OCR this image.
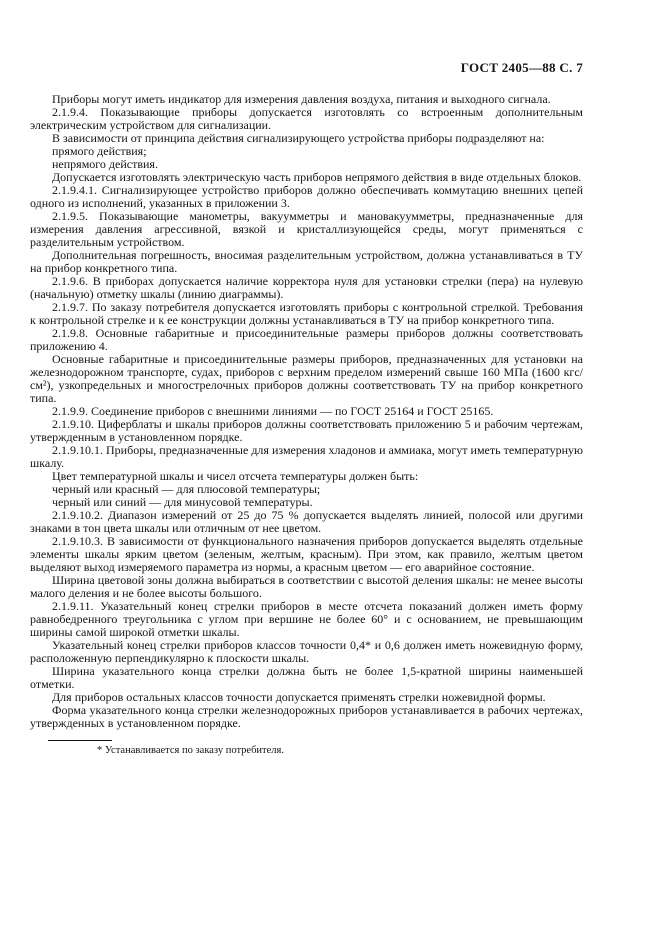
ГОСТ 2405—88 С. 7

Приборы могут иметь индикатор для измерения давления воздуха, питания и выходного сигнала.

2.1.9.4. Показывающие приборы допускается изготовлять со встроенным дополнительным электрическим устройством для сигнализации.

В зависимости от принципа действия сигнализирующего устройства приборы подразделяют на:

прямого действия;

непрямого действия.

Допускается изготовлять электрическую часть приборов непрямого действия в виде отдельных блоков.

2.1.9.4.1. Сигнализирующее устройство приборов должно обеспечивать коммутацию внешних цепей одного из исполнений, указанных в приложении 3.

2.1.9.5. Показывающие манометры, вакуумметры и мановакуумметры, предназначенные для измерения давления агрессивной, вязкой и кристаллизующейся среды, могут применяться с разделительным устройством.

Дополнительная погрешность, вносимая разделительным устройством, должна устанавливаться в ТУ на прибор конкретного типа.

2.1.9.6. В приборах допускается наличие корректора нуля для установки стрелки (пера) на нулевую (начальную) отметку шкалы (линию диаграммы).

2.1.9.7. По заказу потребителя допускается изготовлять приборы с контрольной стрелкой. Требования к контрольной стрелке и к ее конструкции должны устанавливаться в ТУ на прибор конкретного типа.

2.1.9.8. Основные габаритные и присоединительные размеры приборов должны соответствовать приложению 4.

Основные габаритные и присоединительные размеры приборов, предназначенных для установки на железнодорожном транспорте, судах, приборов с верхним пределом измерений свыше 160 МПа (1600 кгс/см²), узкопредельных и многострелочных приборов должны соответствовать ТУ на прибор конкретного типа.

2.1.9.9. Соединение приборов с внешними линиями — по ГОСТ 25164 и ГОСТ 25165.

2.1.9.10. Циферблаты и шкалы приборов должны соответствовать приложению 5 и рабочим чертежам, утвержденным в установленном порядке.

2.1.9.10.1. Приборы, предназначенные для измерения хладонов и аммиака, могут иметь температурную шкалу.

Цвет температурной шкалы и чисел отсчета температуры должен быть:

черный или красный — для плюсовой температуры;

черный или синий — для минусовой температуры.

2.1.9.10.2. Диапазон измерений от 25 до 75 % допускается выделять линией, полосой или другими знаками в тон цвета шкалы или отличным от нее цветом.

2.1.9.10.3. В зависимости от функционального назначения приборов допускается выделять отдельные элементы шкалы ярким цветом (зеленым, желтым, красным). При этом, как правило, желтым цветом выделяют выход измеряемого параметра из нормы, а красным цветом — его аварийное состояние.

Ширина цветовой зоны должна выбираться в соответствии с высотой деления шкалы: не менее высоты малого деления и не более высоты большого.

2.1.9.11. Указательный конец стрелки приборов в месте отсчета показаний должен иметь форму равнобедренного треугольника с углом при вершине не более 60° и с основанием, не превышающим ширины самой широкой отметки шкалы.

Указательный конец стрелки приборов классов точности 0,4* и 0,6 должен иметь ножевидную форму, расположенную перпендикулярно к плоскости шкалы.

Ширина указательного конца стрелки должна быть не более 1,5-кратной ширины наименьшей отметки.

Для приборов остальных классов точности допускается применять стрелки ножевидной формы.

Форма указательного конца стрелки железнодорожных приборов устанавливается в рабочих чертежах, утвержденных в установленном порядке.

* Устанавливается по заказу потребителя.
